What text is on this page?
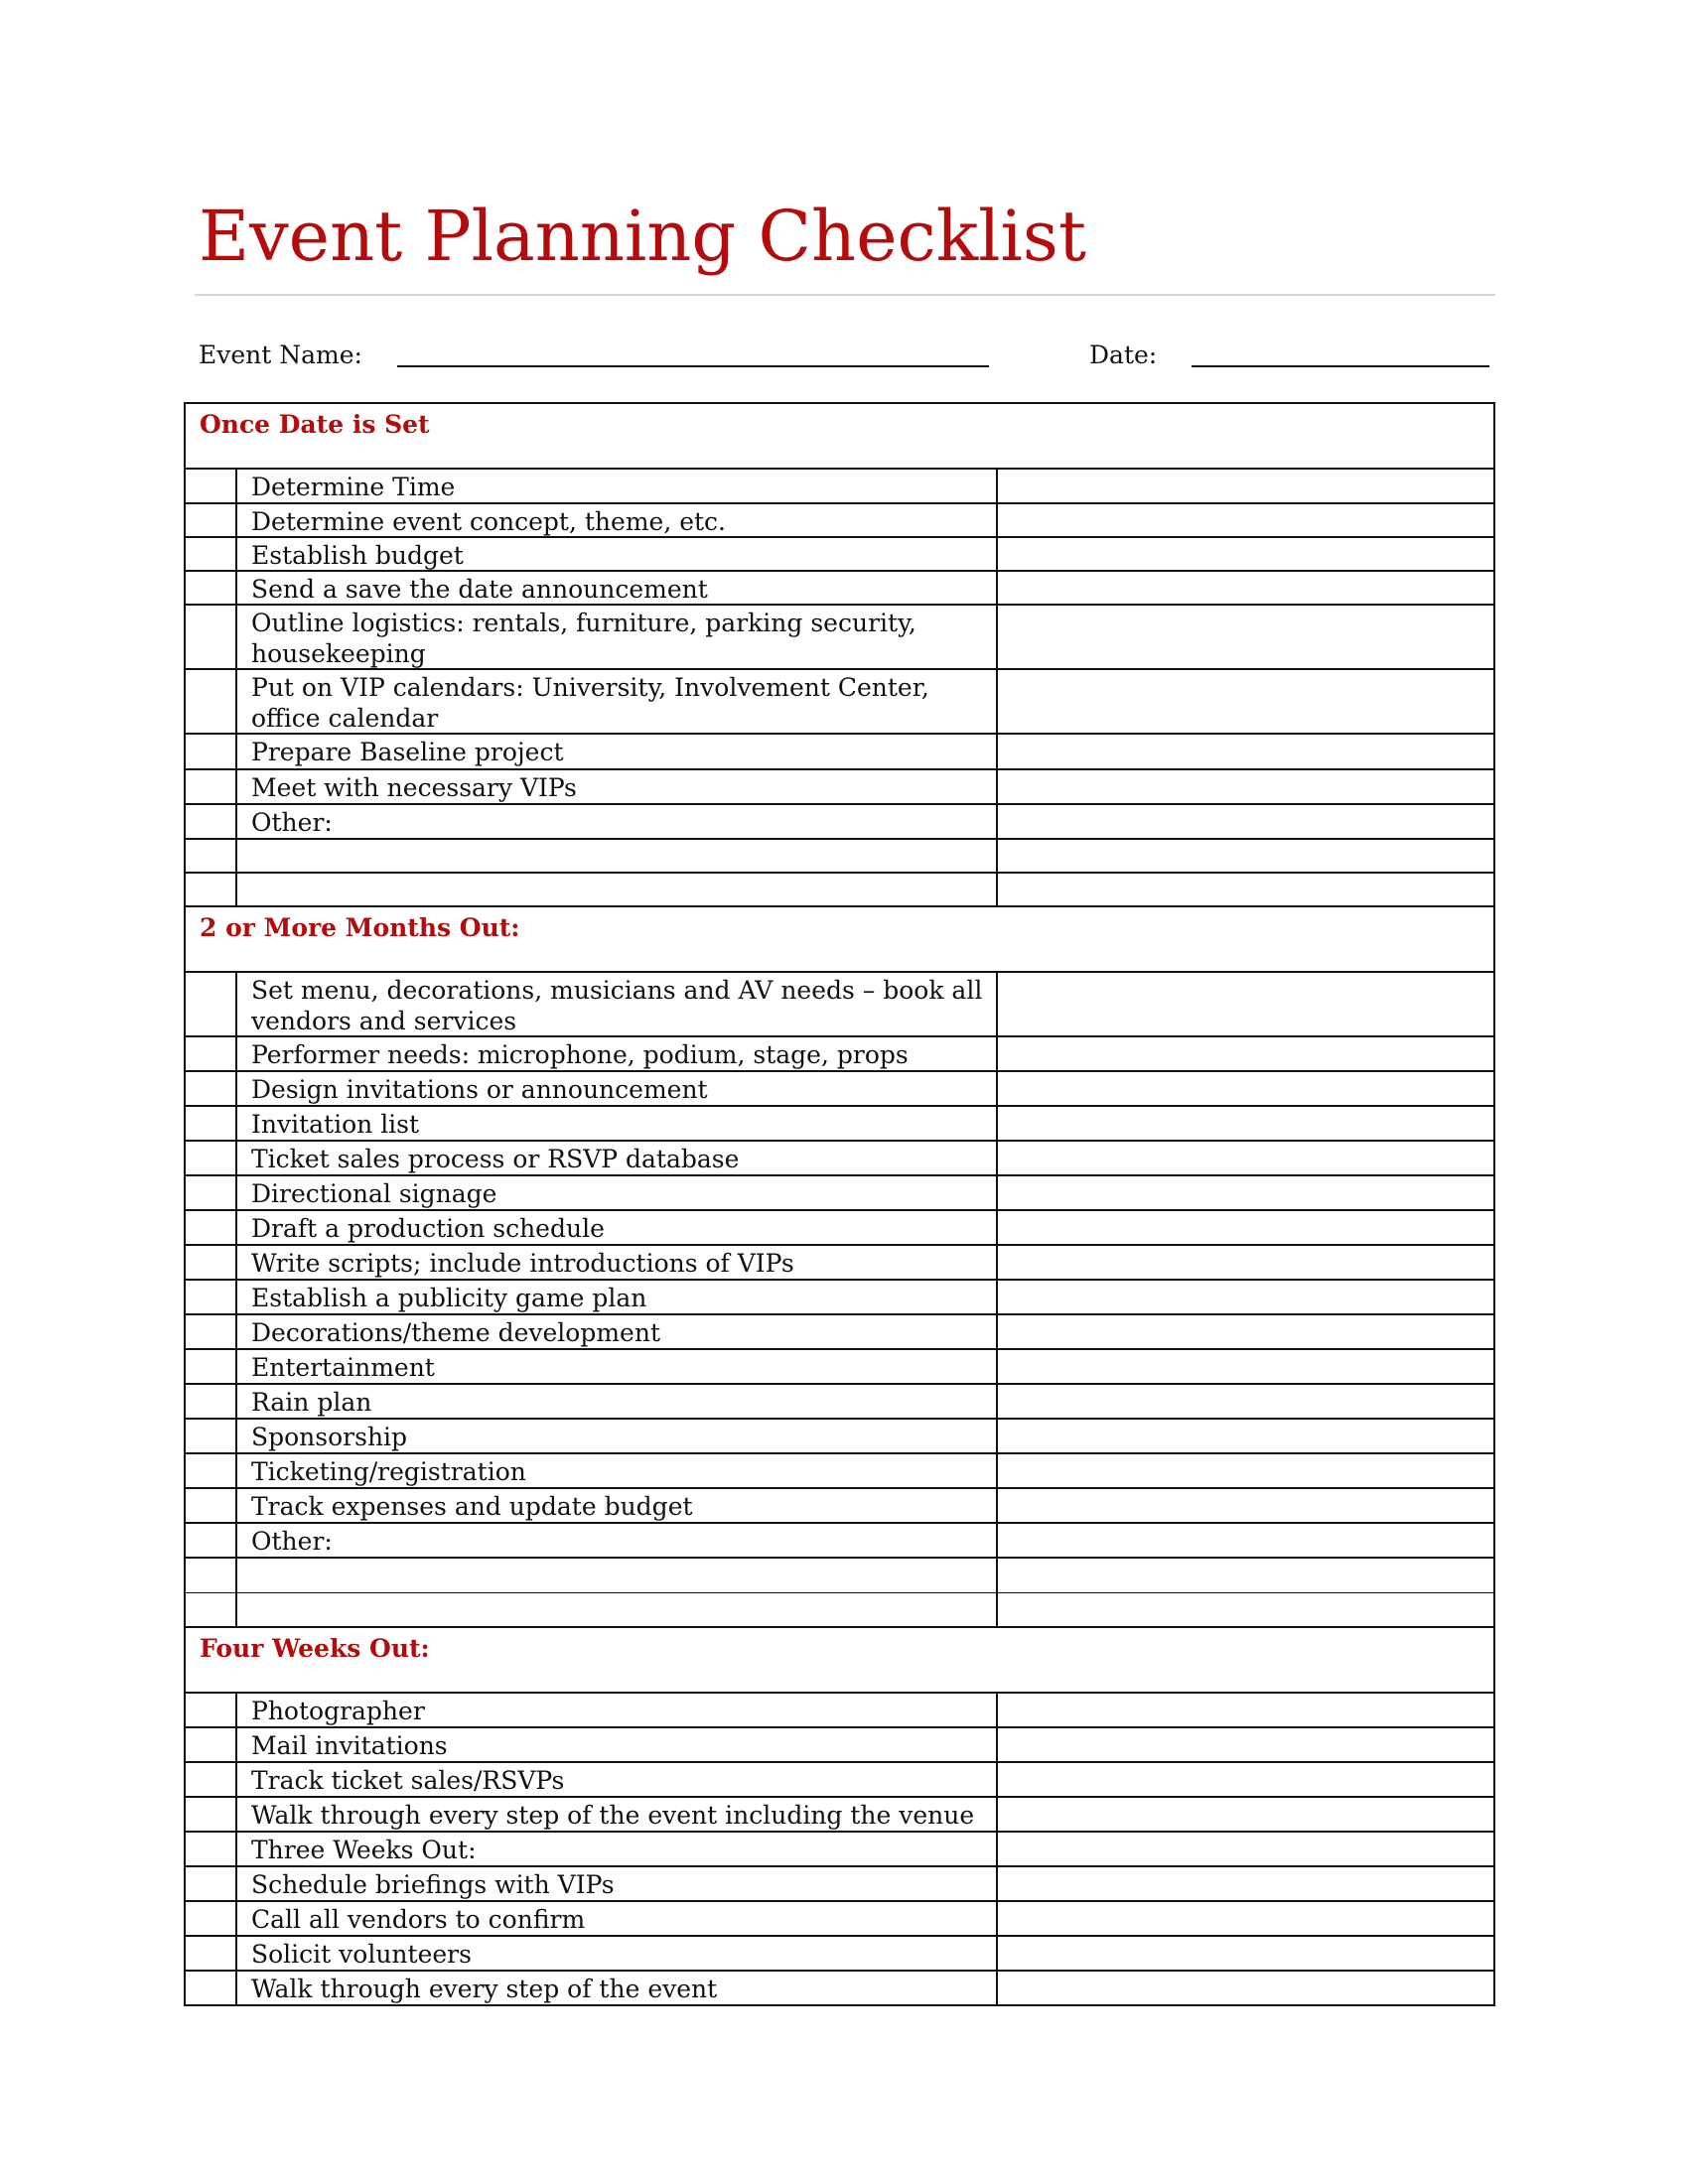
Event Planning Checklist
Event Name:	Date:
Once Date is Set
Determine Time
Determine event concept, theme, etc.
Establish budget
Send a save the date announcement
Outline logistics: rentals, furniture, parking security,
housekeeping
Put on VIP calendars: University, Involvement Center,
office calendar
Prepare Baseline project
Meet with necessary VIPs
Other:
2 or More Months Out:
Set menu, decorations, musicians and AV needs – book all
vendors and services
Performer needs: microphone, podium, stage, props
Design invitations or announcement
Invitation list
Ticket sales process or RSVP database
Directional signage
Draft a production schedule
Write scripts; include introductions of VIPs
Establish a publicity game plan
Decorations/theme development
Entertainment
Rain plan
Sponsorship
Ticketing/registration
Track expenses and update budget
Other:
Four Weeks Out:
Photographer
Mail invitations
Track ticket sales/RSVPs
Walk through every step of the event including the venue
Three Weeks Out:
Schedule briefings with VIPs
Call all vendors to confirm
Solicit volunteers
Walk through every step of the event
